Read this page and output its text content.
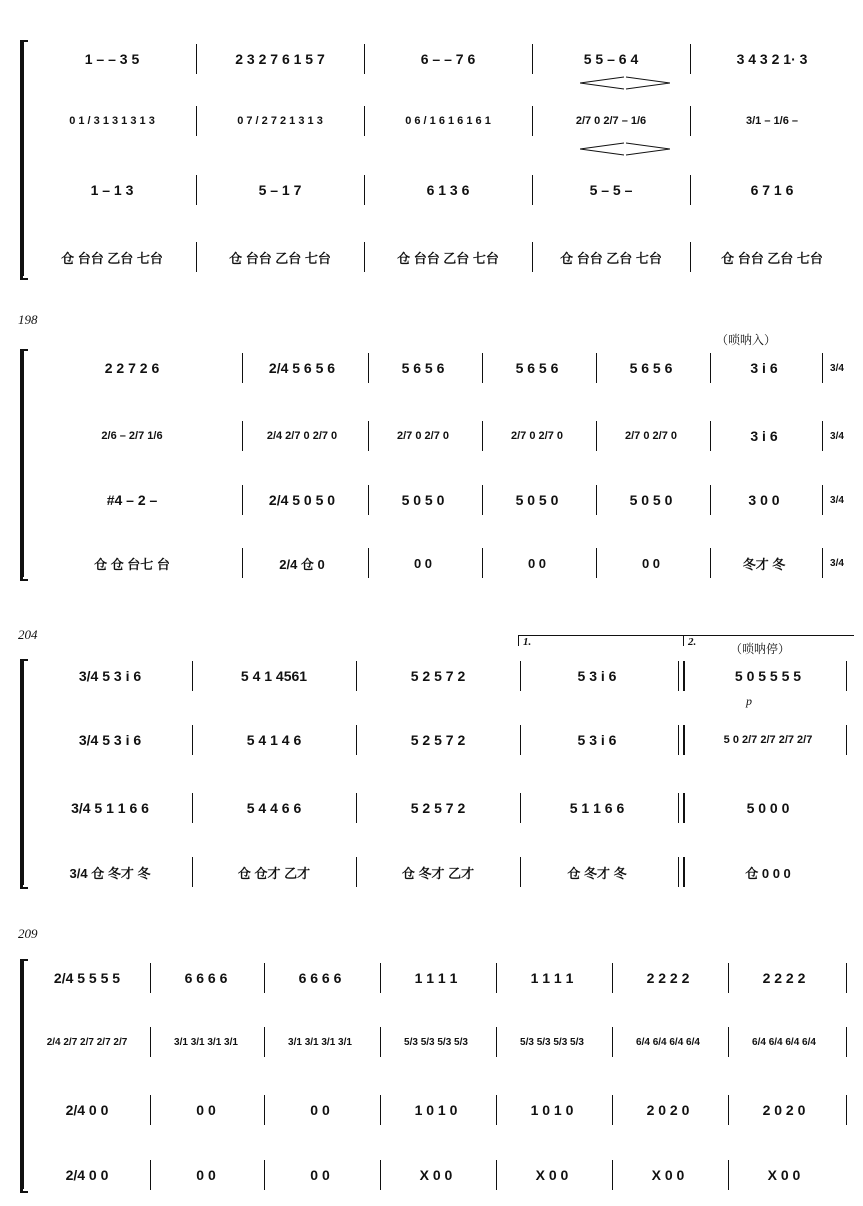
1 – – 3 5	2 3 2 7 6 1 5 7	6 – – 7 6	5 5 – 6 4	3 4 3 2 1· 3
0 1 / 3 1 3 1 3 1 3	0 7 / 2 7 2 1 3 1 3	0 6 / 1 6 1 6 1 6 1	2/7 0 2/7 – 1/6	3/1 – 1/6 –
1 – 1 3	5 – 1 7	6 1 3 6	5 – 5 –	6 7 1 6
仓 台台 乙台 七台	仓 台台 乙台 七台	仓 台台 乙台 七台	仓 台台 乙台 七台	仓 台台 乙台 七台
198
（唢呐入）
2 2 7 2 6	2/4 5 6 5 6	5 6 5 6	5 6 5 6	5 6 5 6	3 i 6	3/4
2/6 – 2/7 1/6	2/4 2/7 0 2/7 0	2/7 0 2/7 0	2/7 0 2/7 0	2/7 0 2/7 0	3 i 6	3/4
#4 – 2 –	2/4 5 0 5 0	5 0 5 0	5 0 5 0	5 0 5 0	3 0 0	3/4
仓 仓 台七 台	2/4 仓 0	0 0	0 0	0 0	冬才 冬	3/4
204	1.	2.	（唢呐停）
p
3/4 5 3 i 6	5 4 1 4561	5 2 5 7 2	5 3 i 6	5 0 5 5 5 5
3/4 5 3 i 6	5 4 1 4 6	5 2 5 7 2	5 3 i 6	5 0 2/7 2/7 2/7 2/7
3/4 5 1 1 6 6	5 4 4 6 6	5 2 5 7 2	5 1 1 6 6	5 0 0 0
3/4 仓 冬才 冬	仓 仓才 乙才	仓 冬才 乙才	仓 冬才 冬	仓 0 0 0
209
2/4 5 5 5 5	6 6 6 6	6 6 6 6	1 1 1 1	1 1 1 1	2 2 2 2	2 2 2 2
2/4 2/7 2/7 2/7 2/7	3/1 3/1 3/1 3/1	3/1 3/1 3/1 3/1	5/3 5/3 5/3 5/3	5/3 5/3 5/3 5/3	6/4 6/4 6/4 6/4	6/4 6/4 6/4 6/4
2/4 0 0	0 0	0 0	1 0 1 0	1 0 1 0	2 0 2 0	2 0 2 0
2/4 0 0	0 0	0 0	X 0 0	X 0 0	X 0 0	X 0 0
